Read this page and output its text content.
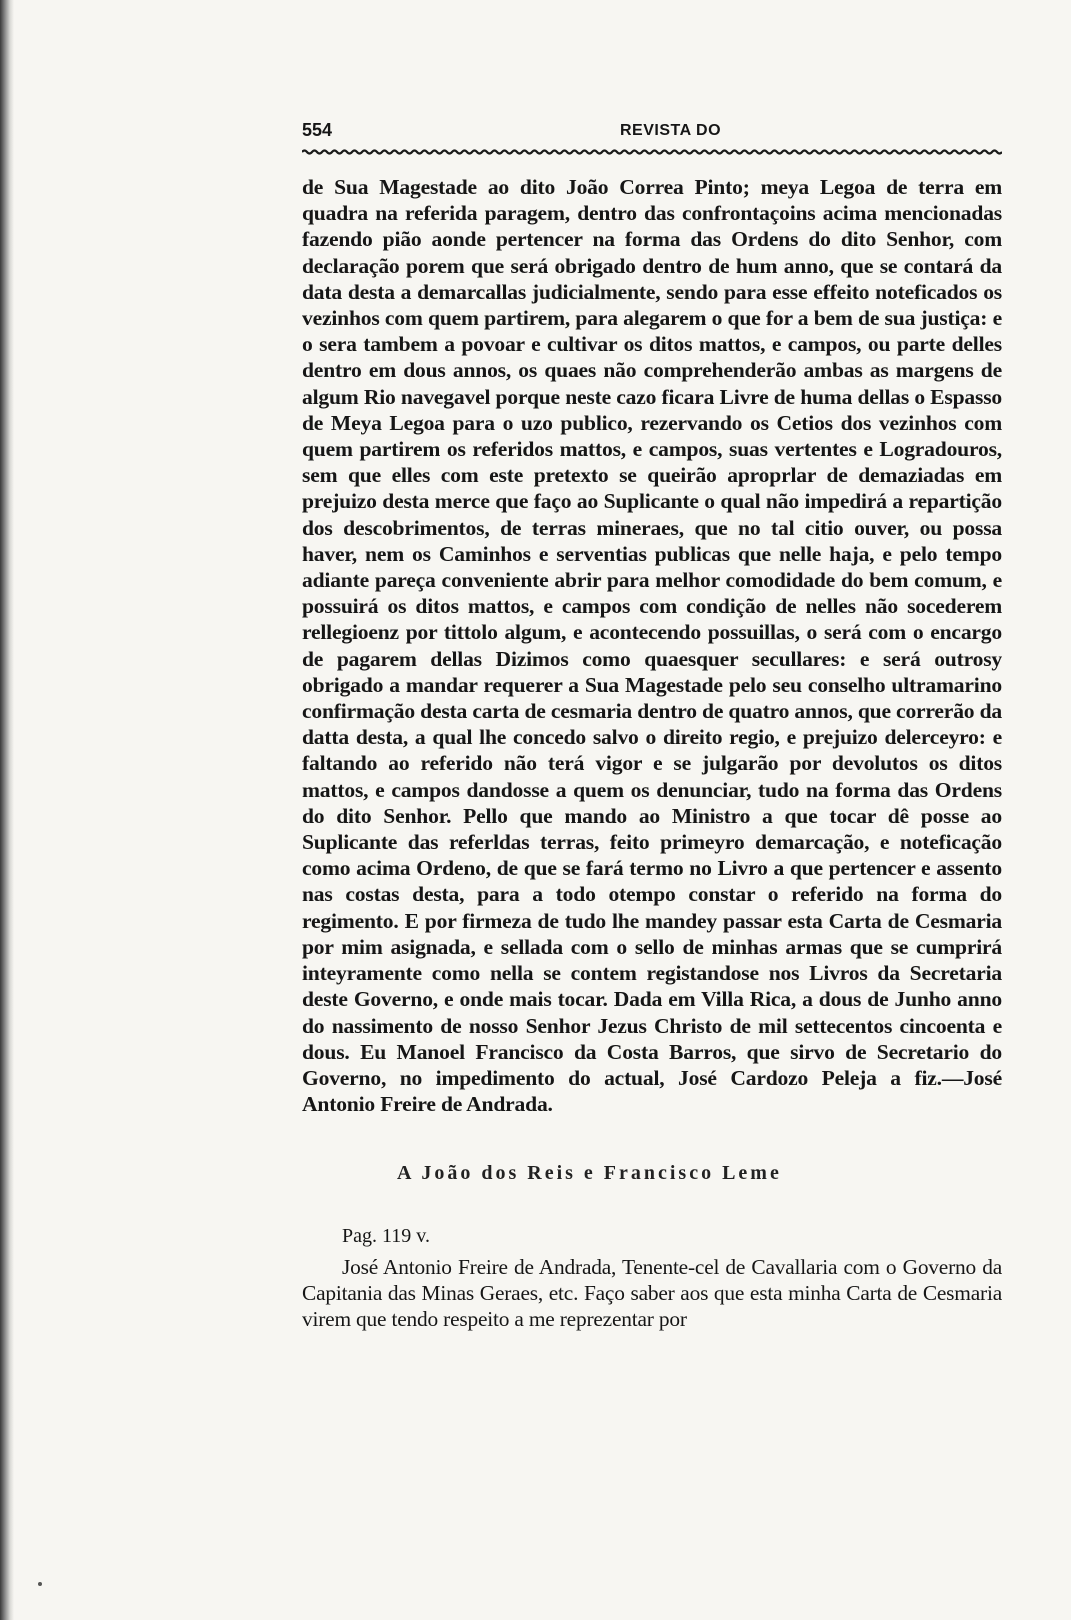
554	REVISTA DO
de Sua Magestade ao dito João Correa Pinto; meya Legoa de terra em quadra na referida paragem, dentro das confrontaçoins acima mencionadas fazendo pião aonde pertencer na forma das Ordens do dito Senhor, com declaração porem que será obrigado dentro de hum anno, que se contará da data desta a demarcallas judicialmente, sendo para esse effeito noteficados os vezinhos com quem partirem, para alegarem o que for a bem de sua justiça: e o sera tambem a povoar e cultivar os ditos mattos, e campos, ou parte delles dentro em dous annos, os quaes não comprehenderão ambas as margens de algum Rio navegavel porque neste cazo ficara Livre de huma dellas o Espasso de Meya Legoa para o uzo publico, rezervando os Cetios dos vezinhos com quem partirem os referidos mattos, e campos, suas vertentes e Logradouros, sem que elles com este pretexto se queirão aproprlar de demaziadas em prejuizo desta merce que faço ao Suplicante o qual não impedirá a repartição dos descobrimentos, de terras mineraes, que no tal citio ouver, ou possa haver, nem os Caminhos e serventias publicas que nelle haja, e pelo tempo adiante pareça conveniente abrir para melhor comodidade do bem comum, e possuirá os ditos mattos, e campos com condição de nelles não socederem rellegioenz por tittolo algum, e acontecendo possuillas, o será com o encargo de pagarem dellas Dizimos como quaesquer secullares: e será outrosy obrigado a mandar requerer a Sua Magestade pelo seu conselho ultramarino confirmação desta carta de cesmaria dentro de quatro annos, que correrão da datta desta, a qual lhe concedo salvo o direito regio, e prejuizo delerceyro: e faltando ao referido não terá vigor e se julgarão por devolutos os ditos mattos, e campos dandosse a quem os denunciar, tudo na forma das Ordens do dito Senhor. Pello que mando ao Ministro a que tocar dê posse ao Suplicante das referldas terras, feito primeyro demarcação, e noteficação como acima Ordeno, de que se fará termo no Livro a que pertencer e assento nas costas desta, para a todo otempo constar o referido na forma do regimento. E por firmeza de tudo lhe mandey passar esta Carta de Cesmaria por mim asignada, e sellada com o sello de minhas armas que se cumprirá inteyramente como nella se contem registandose nos Livros da Secretaria deste Governo, e onde mais tocar. Dada em Villa Rica, a dous de Junho anno do nassimento de nosso Senhor Jezus Christo de mil settecentos cincoenta e dous. Eu Manoel Francisco da Costa Barros, que sirvo de Secretario do Governo, no impedimento do actual, José Cardozo Peleja a fiz.—José Antonio Freire de Andrada.
A João dos Reis e Francisco Leme
Pag. 119 v.
José Antonio Freire de Andrada, Tenente-cel de Cavallaria com o Governo da Capitania das Minas Geraes, etc. Faço saber aos que esta minha Carta de Cesmaria virem que tendo respeito a me reprezentar por
